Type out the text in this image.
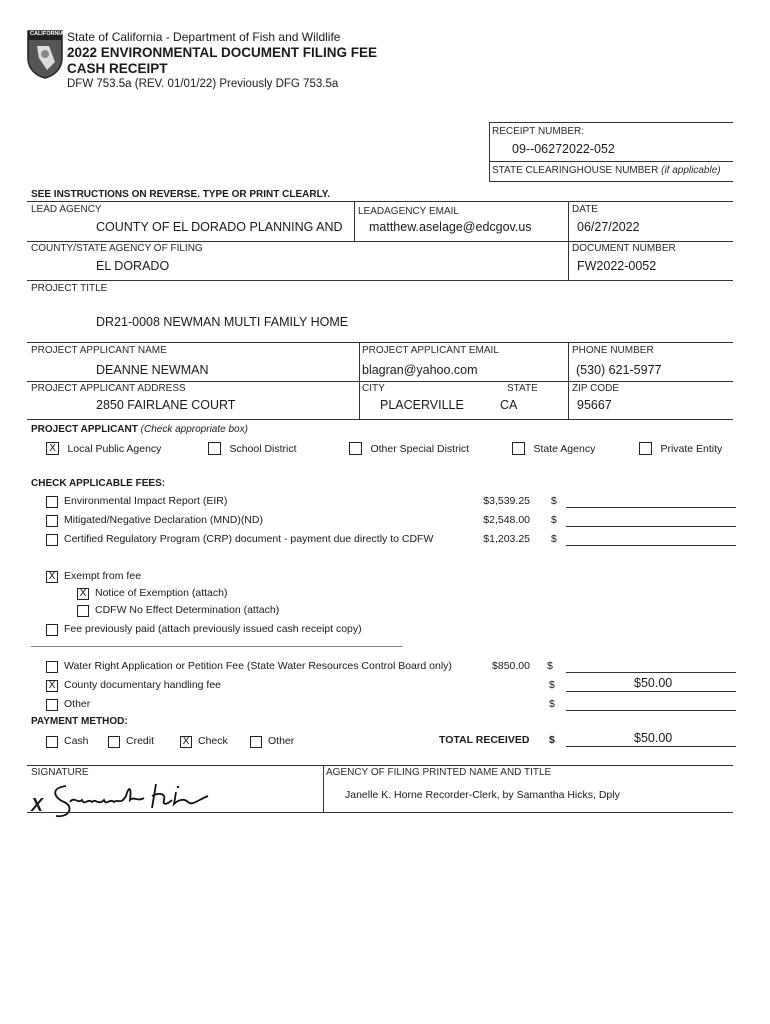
CALIFORNIA State of California - Department of Fish and Wildlife
2022 ENVIRONMENTAL DOCUMENT FILING FEE
CASH RECEIPT
DFW 753.5a (REV. 01/01/22) Previously DFG 753.5a
RECEIPT NUMBER:
09--06272022-052
STATE CLEARINGHOUSE NUMBER (if applicable)
SEE INSTRUCTIONS ON REVERSE. TYPE OR PRINT CLEARLY.
LEAD AGENCY
COUNTY OF EL DORADO PLANNING AND
LEADAGENCY EMAIL
matthew.aselage@edcgov.us
DATE
06/27/2022
COUNTY/STATE AGENCY OF FILING
EL DORADO
DOCUMENT NUMBER
FW2022-0052
PROJECT TITLE
DR21-0008 NEWMAN MULTI FAMILY HOME
PROJECT APPLICANT NAME
DEANNE NEWMAN
PROJECT APPLICANT EMAIL
blagran@yahoo.com
PHONE NUMBER
(530) 621-5977
PROJECT APPLICANT ADDRESS
2850 FAIRLANE COURT
CITY
PLACERVILLE
STATE
CA
ZIP CODE
95667
PROJECT APPLICANT (Check appropriate box)
X Local Public Agency	School District	Other Special District	State Agency	Private Entity
CHECK APPLICABLE FEES:
Environmental Impact Report (EIR)	$3,539.25 $
Mitigated/Negative Declaration (MND)(ND)	$2,548.00 $
Certified Regulatory Program (CRP) document - payment due directly to CDFW	$1,203.25 $
X Exempt from fee
X Notice of Exemption (attach)
CDFW No Effect Determination (attach)
Fee previously paid (attach previously issued cash receipt copy)
Water Right Application or Petition Fee (State Water Resources Control Board only)	$850.00 $
X County documentary handling fee	$	$50.00
Other	$
PAYMENT METHOD:
Cash	Credit	X Check	Other	TOTAL RECEIVED $	$50.00
SIGNATURE
X
AGENCY OF FILING PRINTED NAME AND TITLE
Janelle K. Horne Recorder-Clerk, by Samantha Hicks, Dply
